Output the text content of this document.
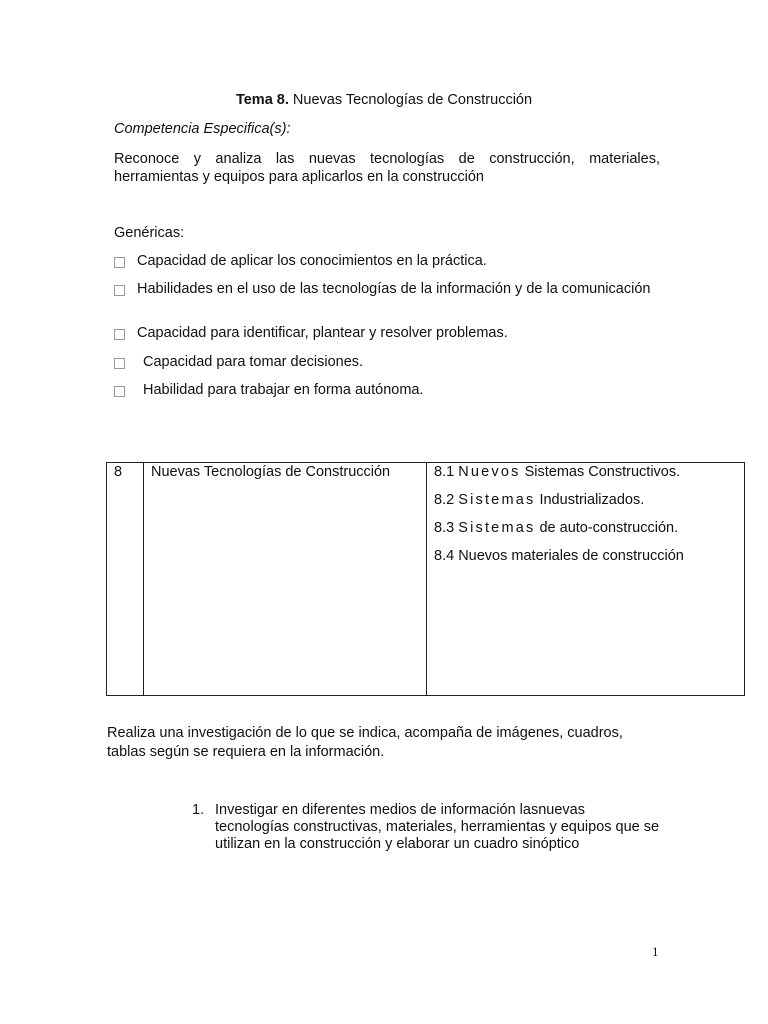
Tema 8. Nuevas Tecnologías de Construcción
Competencia Especifica(s):
Reconoce y analiza las nuevas tecnologías de construcción, materiales, herramientas y equipos para aplicarlos en la construcción
Genéricas:
Capacidad de aplicar los conocimientos en la práctica.
Habilidades en el uso de las tecnologías de la información y de la comunicación
Capacidad para identificar, plantear y resolver problemas.
Capacidad para tomar decisiones.
Habilidad para trabajar en forma autónoma.
8	Nuevas Tecnologías de Construcción	8.1 Nuevos Sistemas Constructivos.
8.2 Sistemas Industrializados.
8.3 Sistemas de auto-construcción.
8.4 Nuevos materiales de construcción
Realiza una investigación de lo que se indica, acompaña de imágenes, cuadros, tablas según se requiera en la información.
1. Investigar en diferentes medios de información lasnuevas tecnologías constructivas, materiales, herramientas y equipos que se utilizan en la construcción y elaborar un cuadro sinóptico
1
